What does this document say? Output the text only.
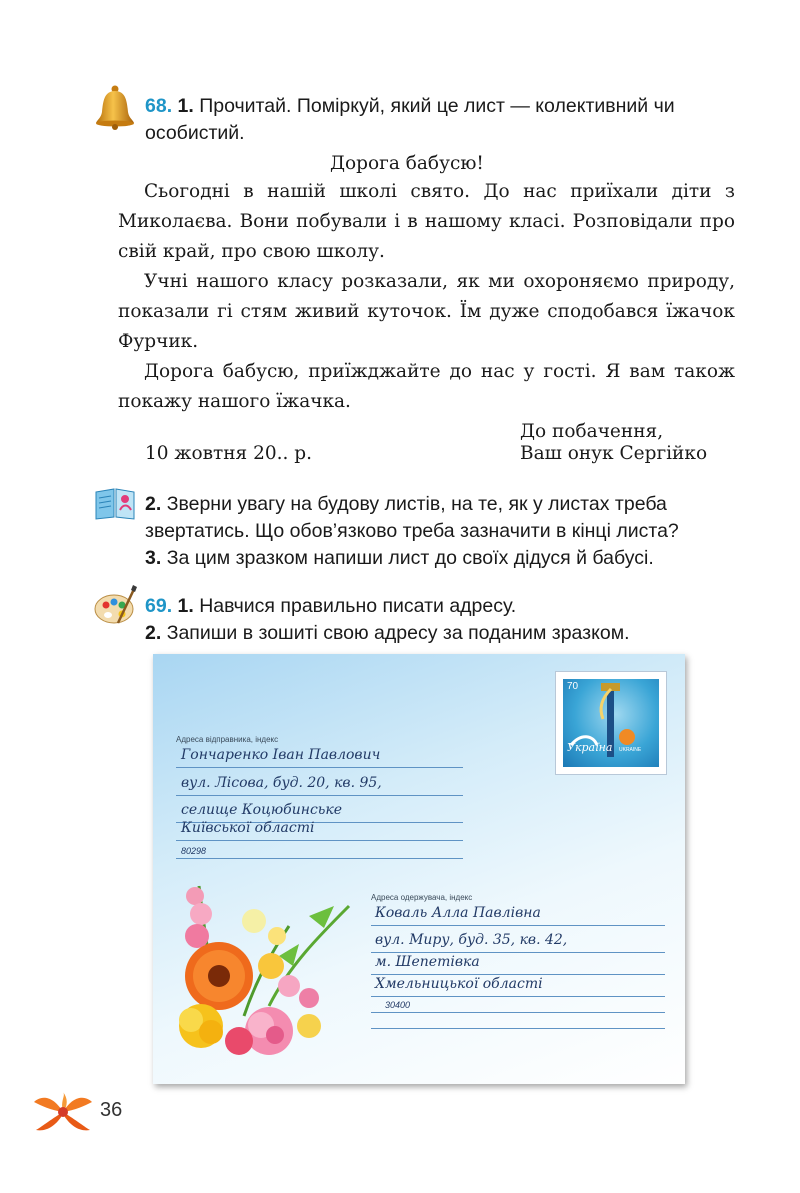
68. 1. Прочитай. Поміркуй, який це лист — колективний чи
особистий.
Дорога бабусю!

Сьогодні в нашій школі свято. До нас приїхали діти з Миколаєва. Вони побували і в нашому класі. Розповідали про свій край, про свою школу.

Учні нашого класу розказали, як ми охороняємо природу, показали гі стям живий куточок. Їм дуже сподобався їжачок Фурчик.

Дорога бабусю, приїжджайте до нас у гості. Я вам також покажу нашого їжачка.

До побачення,
10 жовтня 20.. р.	Ваш онук Сергійко
2. Зверни увагу на будову листів, на те, як у листах треба
звертатись. Що обов’язково треба зазначити в кінці листа?
3. За цим зразком напиши лист до своїх дідуся й бабусі.
69. 1. Навчися правильно писати адресу.
2. Запиши в зошиті свою адресу за поданим зразком.
70
Україна UKRAINE
Адреса відправника, індекс
Гончаренко Іван Павлович
вул. Лісова, буд. 20, кв. 95,
селище Коцюбинське
Київської області
80298
Адреса одержувача, індекс
Коваль Алла Павлівна
вул. Миру, буд. 35, кв. 42,
м. Шепетівка
Хмельницької області
30400
36
